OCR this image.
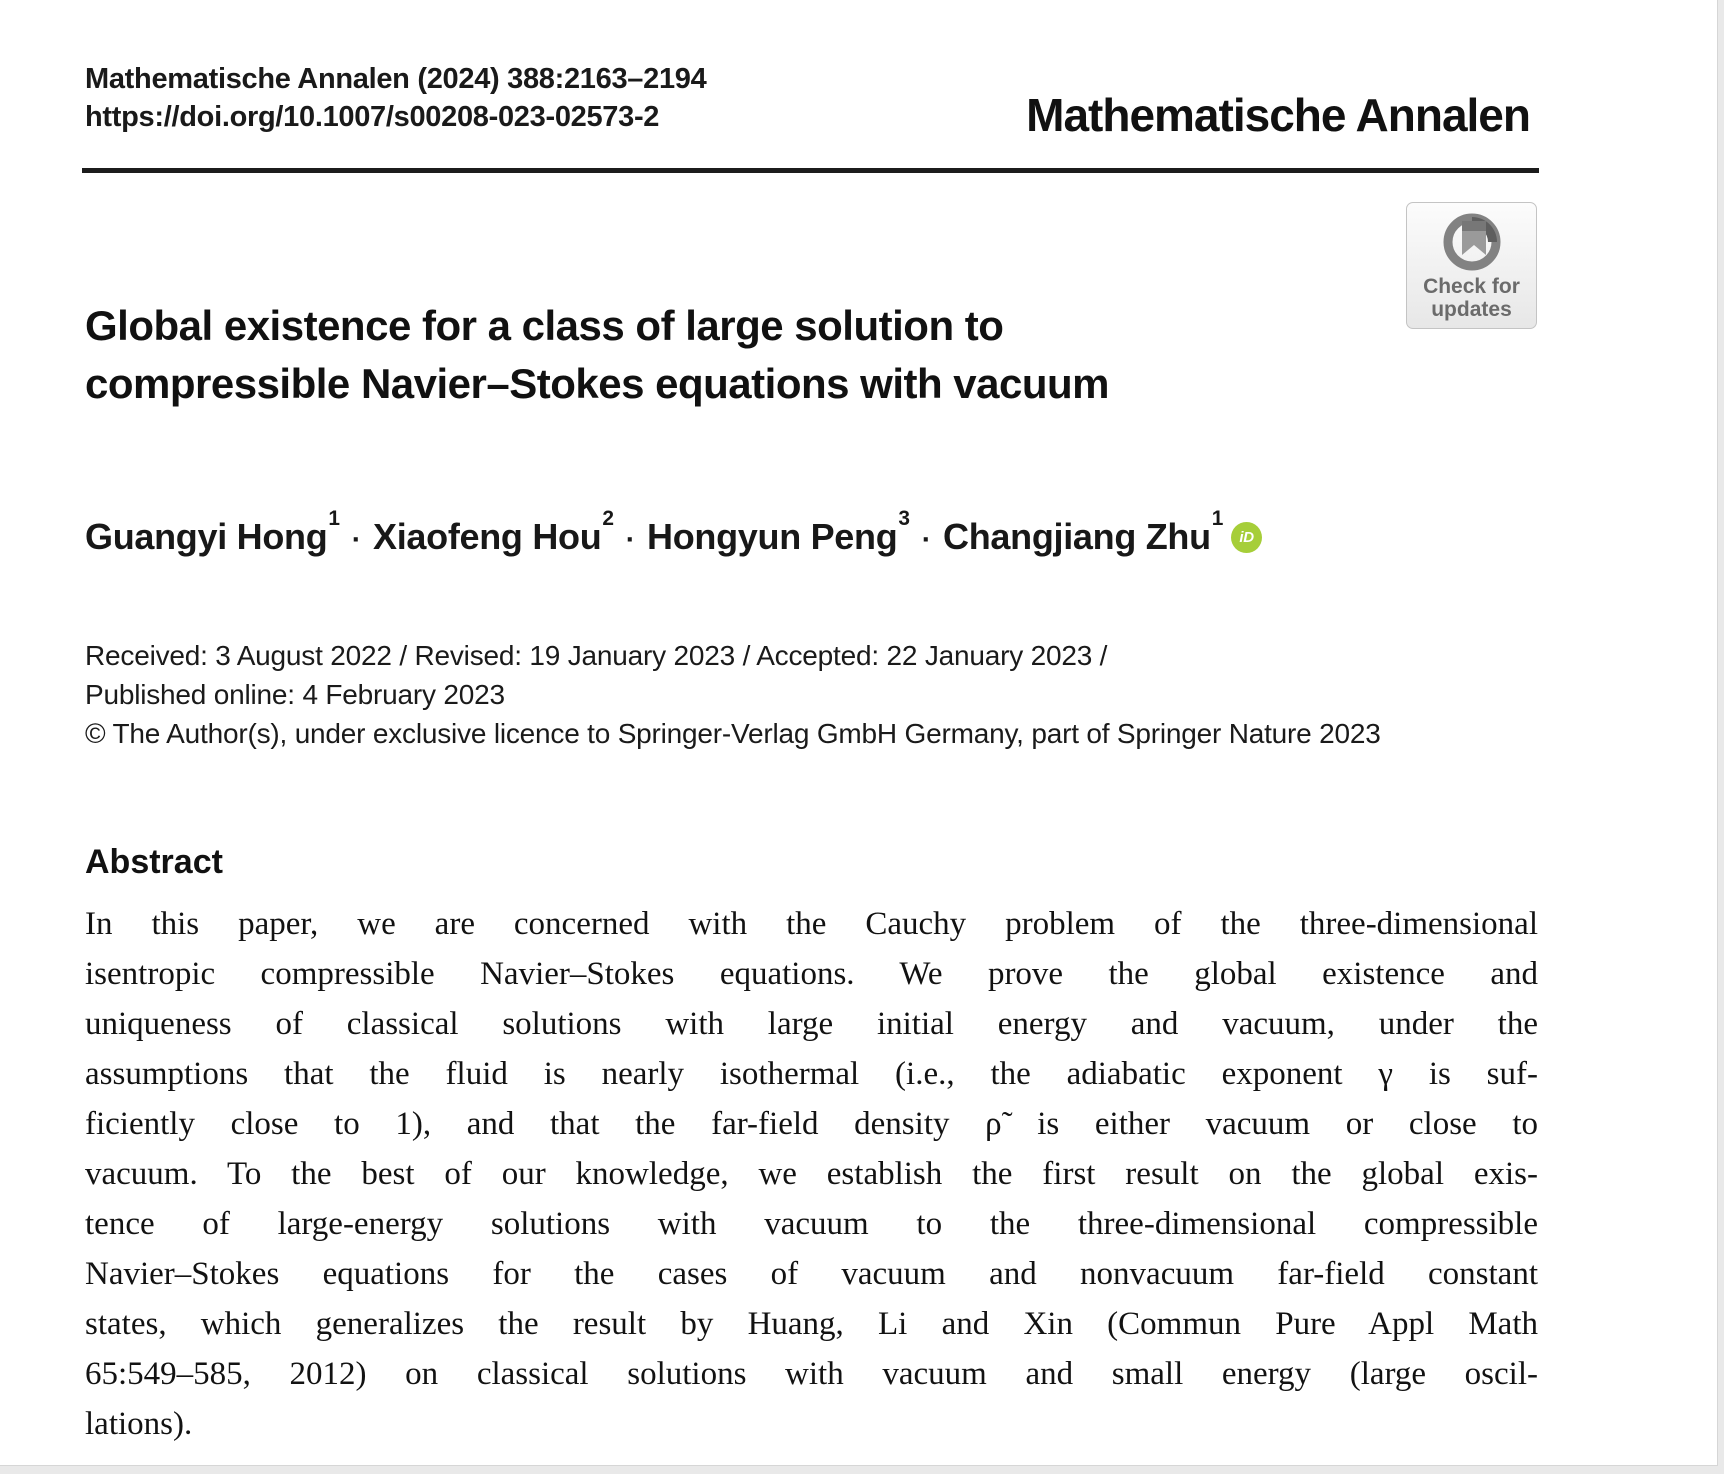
Mathematische Annalen (2024) 388:2163–2194
https://doi.org/10.1007/s00208-023-02573-2	Mathematische Annalen
Check for
updates
Global existence for a class of large solution to
compressible Navier–Stokes equations with vacuum
Guangyi Hong$^1$· Xiaofeng Hou$^2$· Hongyun Peng$^3$· Changjiang Zhu$^1$
iD
Received: 3 August 2022 / Revised: 19 January 2023 / Accepted: 22 January 2023 /
Published online: 4 February 2023
© The Author(s), under exclusive licence to Springer-Verlag GmbH Germany, part of Springer Nature 2023
Abstract
In this paper, we are concerned with the Cauchy problem of the three-dimensional
isentropic compressible Navier–Stokes equations. We prove the global existence and
uniqueness of classical solutions with large initial energy and vacuum, under the
assumptions that the fluid is nearly isothermal (i.e., the adiabatic exponent γ is suf-
ficiently close to 1), and that the far-field density ρ̃ is either vacuum or close to
vacuum. To the best of our knowledge, we establish the first result on the global exis-
tence of large-energy solutions with vacuum to the three-dimensional compressible
Navier–Stokes equations for the cases of vacuum and nonvacuum far-field constant
states, which generalizes the result by Huang, Li and Xin (Commun Pure Appl Math
65:549–585, 2012) on classical solutions with vacuum and small energy (large oscil-
lations).
